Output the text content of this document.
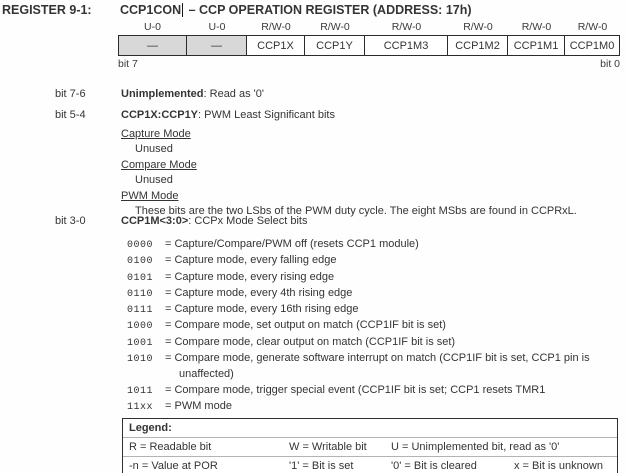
REGISTER 9-1: CCP1CON – CCP OPERATION REGISTER (ADDRESS: 17h)
U-0	U-0	R/W-0	R/W-0	R/W-0	R/W-0	R/W-0	R/W-0
—	—	CCP1X	CCP1Y	CCP1M3	CCP1M2	CCP1M1	CCP1M0
bit 7	bit 0
bit 7-6	Unimplemented: Read as '0'
bit 5-4	CCP1X:CCP1Y: PWM Least Significant bits
Capture Mode
Unused
Compare Mode
Unused
PWM Mode
These bits are the two LSbs of the PWM duty cycle. The eight MSbs are found in CCPRxL.
bit 3-0	CCP1M<3:0>: CCPx Mode Select bits
0000 = Capture/Compare/PWM off (resets CCP1 module)
0100 = Capture mode, every falling edge
0101 = Capture mode, every rising edge
0110 = Capture mode, every 4th rising edge
0111 = Capture mode, every 16th rising edge
1000 = Compare mode, set output on match (CCP1IF bit is set)
1001 = Compare mode, clear output on match (CCP1IF bit is set)
1010 = Compare mode, generate software interrupt on match (CCP1IF bit is set, CCP1 pin is
unaffected)
1011 = Compare mode, trigger special event (CCP1IF bit is set; CCP1 resets TMR1
11xx = PWM mode
Legend:
R = Readable bit	W = Writable bit	U = Unimplemented bit, read as '0'
-n = Value at POR	'1' = Bit is set	'0' = Bit is cleared	x = Bit is unknown
